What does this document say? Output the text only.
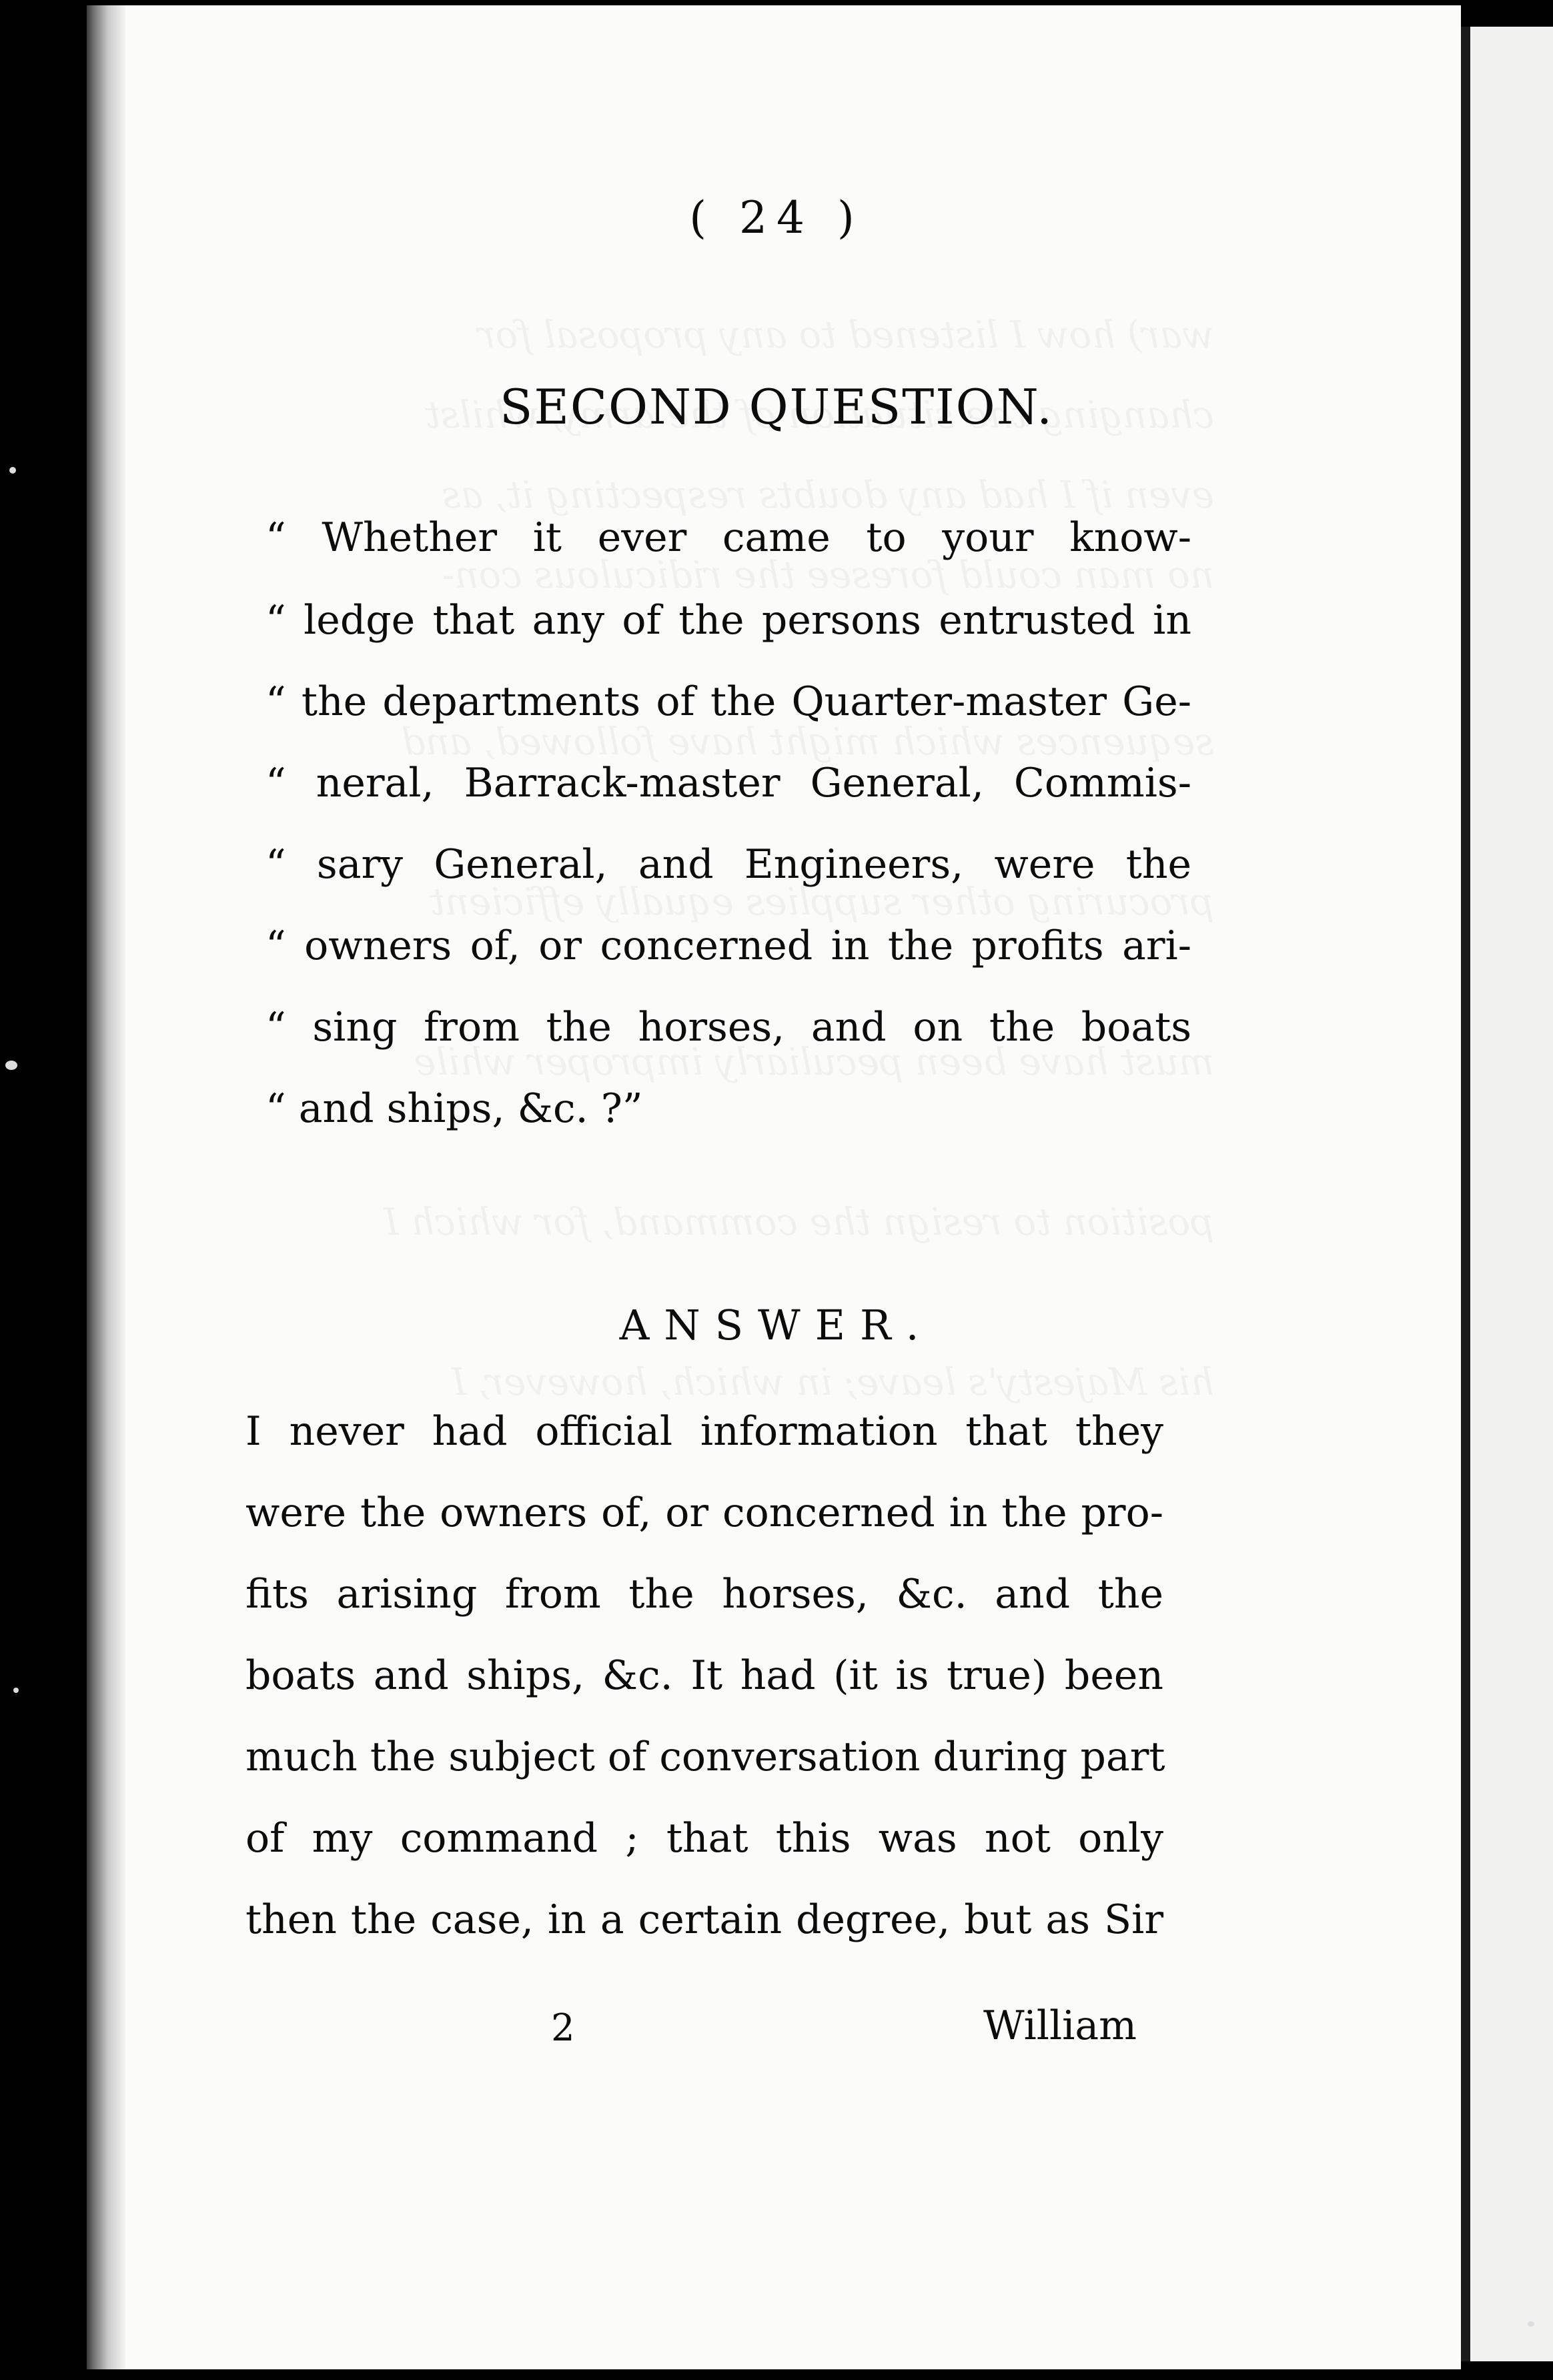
( 24 )
SECOND QUESTION.
“ Whether it ever came to your know-
“ ledge that any of the persons entrusted in
“ the departments of the Quarter-master Ge-
“ neral, Barrack-master General, Commis-
“ sary General, and Engineers, were the
“ owners of, or concerned in the profits ari-
“ sing from the horses, and on the boats
“ and ships, &c. ?”
ANSWER.
I never had official information that they
were the owners of, or concerned in the pro-
fits arising from the horses, &c. and the
boats and ships, &c. It had (it is true) been
much the subject of conversation during part
of my command ; that this was not only
then the case, in a certain degree, but as Sir
2	William
